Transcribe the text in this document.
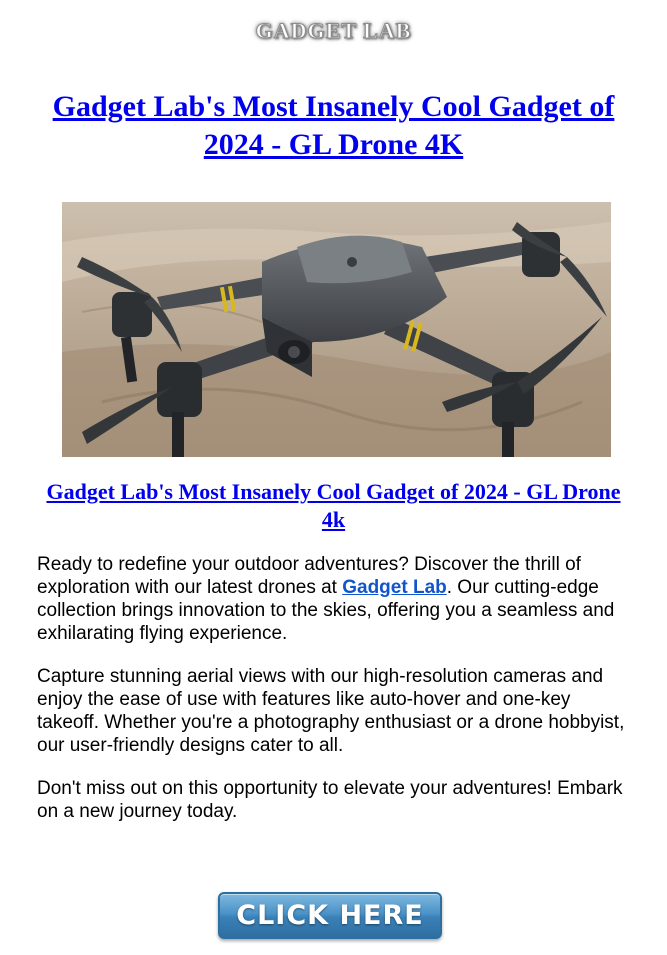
GADGET LAB
Gadget Lab's Most Insanely Cool Gadget of 2024 - GL Drone 4K
Gadget Lab's Most Insanely Cool Gadget of 2024 - GL Drone 4k

Ready to redefine your outdoor adventures? Discover the thrill of exploration with our latest drones at Gadget Lab. Our cutting-edge collection brings innovation to the skies, offering you a seamless and exhilarating flying experience.

Capture stunning aerial views with our high-resolution cameras and enjoy the ease of use with features like auto-hover and one-key takeoff. Whether you're a photography enthusiast or a drone hobbyist, our user-friendly designs cater to all.

Don't miss out on this opportunity to elevate your adventures! Embark on a new journey today.

CLICK HERE
